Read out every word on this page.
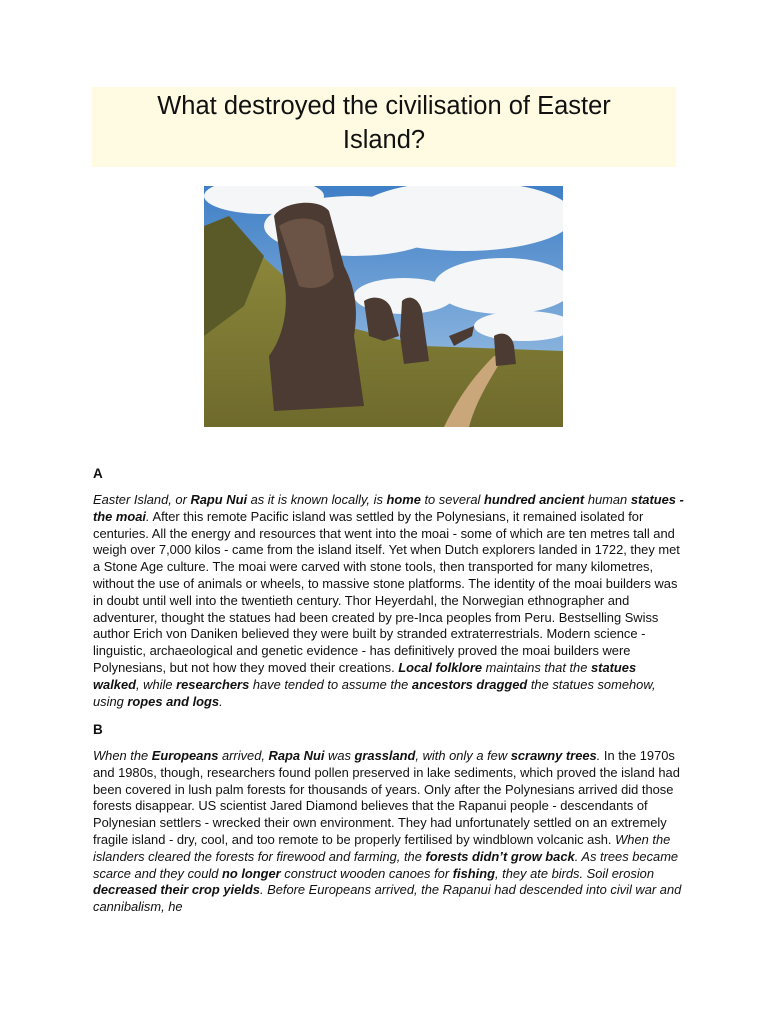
What destroyed the civilisation of Easter
Island?
A

Easter Island, or Rapu Nui as it is known locally, is home to several hundred ancient human statues - the moai. After this remote Pacific island was settled by the Polynesians, it remained isolated for centuries. All the energy and resources that went into the moai - some of which are ten metres tall and weigh over 7,000 kilos - came from the island itself. Yet when Dutch explorers landed in 1722, they met a Stone Age culture. The moai were carved with stone tools, then transported for many kilometres, without the use of animals or wheels, to massive stone platforms. The identity of the moai builders was in doubt until well into the twentieth century. Thor Heyerdahl, the Norwegian ethnographer and adventurer, thought the statues had been created by pre-Inca peoples from Peru. Bestselling Swiss author Erich von Daniken believed they were built by stranded extraterrestrials. Modern science - linguistic, archaeological and genetic evidence - has definitively proved the moai builders were Polynesians, but not how they moved their creations. Local folklore maintains that the statues walked, while researchers have tended to assume the ancestors dragged the statues somehow, using ropes and logs.

B

When the Europeans arrived, Rapa Nui was grassland, with only a few scrawny trees. In the 1970s and 1980s, though, researchers found pollen preserved in lake sediments, which proved the island had been covered in lush palm forests for thousands of years. Only after the Polynesians arrived did those forests disappear. US scientist Jared Diamond believes that the Rapanui people - descendants of Polynesian settlers - wrecked their own environment. They had unfortunately settled on an extremely fragile island - dry, cool, and too remote to be properly fertilised by windblown volcanic ash. When the islanders cleared the forests for firewood and farming, the forests didn’t grow back. As trees became scarce and they could no longer construct wooden canoes for fishing, they ate birds. Soil erosion decreased their crop yields. Before Europeans arrived, the Rapanui had descended into civil war and cannibalism, he
